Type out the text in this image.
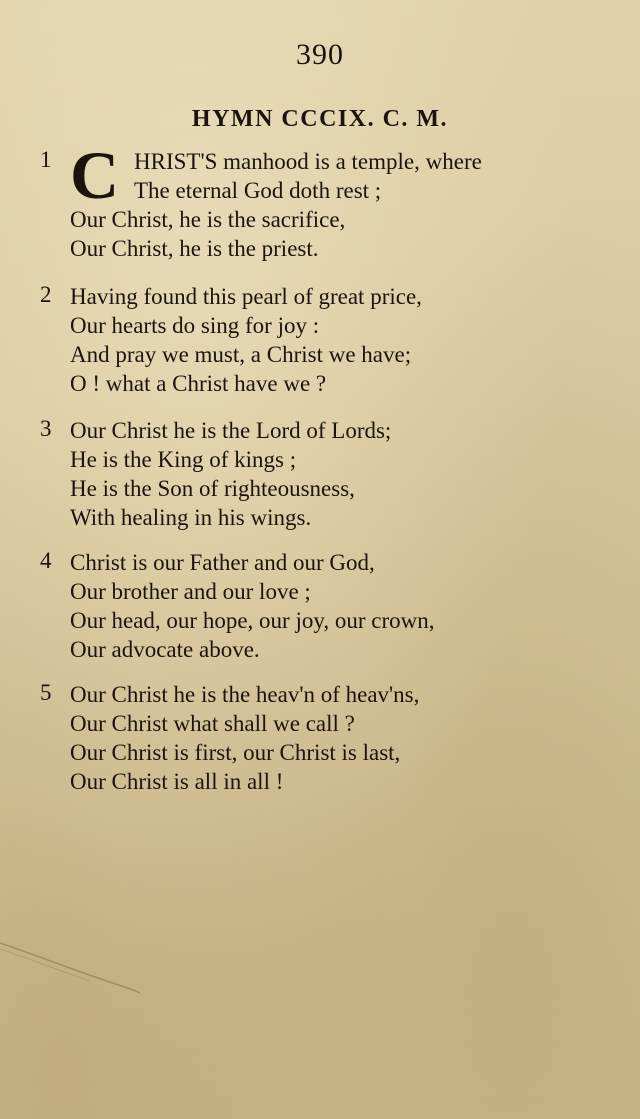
390
HYMN CCCIX. C. M.
1 C HRIST'S manhood is a temple, where
The eternal God doth rest ;
Our Christ, he is the sacrifice,
Our Christ, he is the priest.
2 Having found this pearl of great price,
Our hearts do sing for joy :
And pray we must, a Christ we have;
O ! what a Christ have we ?
3 Our Christ he is the Lord of Lords;
He is the King of kings ;
He is the Son of righteousness,
With healing in his wings.
4 Christ is our Father and our God,
Our brother and our love ;
Our head, our hope, our joy, our crown,
Our advocate above.
5 Our Christ he is the heav'n of heav'ns,
Our Christ what shall we call ?
Our Christ is first, our Christ is last,
Our Christ is all in all !
